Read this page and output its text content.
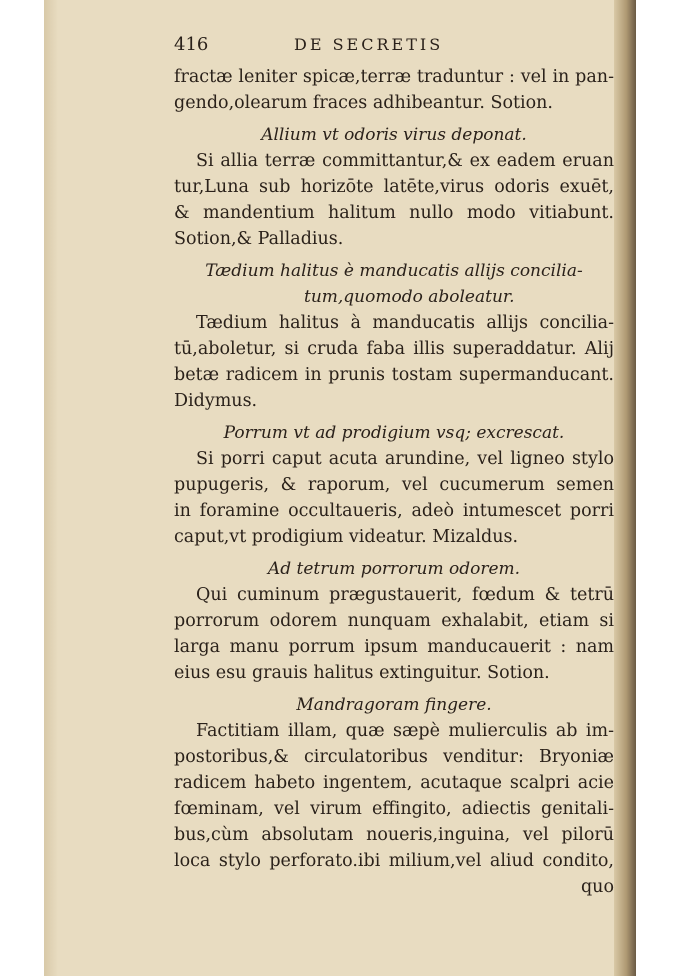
416	DE SECRETIS
fractæ leniter spicæ,terræ traduntur : vel in pan-
gendo,olearum fraces adhibeantur. Sotion.
Allium vt odoris virus deponat.
Si allia terræ committantur,& ex eadem eruan
tur,Luna sub horizōte latēte,virus odoris exuēt,
& mandentium halitum nullo modo vitiabunt.
Sotion,& Palladius.
Tædium halitus è manducatis allijs concilia-
tum,quomodo aboleatur.
Tædium halitus à manducatis allijs concilia-
tū,aboletur, si cruda faba illis superaddatur. Alij
betæ radicem in prunis tostam supermanducant.
Didymus.
Porrum vt ad prodigium vsq; excrescat.
Si porri caput acuta arundine, vel ligneo stylo
pupugeris, & raporum, vel cucumerum semen
in foramine occultaueris, adeò intumescet porri
caput,vt prodigium videatur. Mizaldus.
Ad tetrum porrorum odorem.
Qui cuminum prægustauerit, fœdum & tetrū
porrorum odorem nunquam exhalabit, etiam si
larga manu porrum ipsum manducauerit : nam
eius esu grauis halitus extinguitur. Sotion.
Mandragoram fingere.
Factitiam illam, quæ sæpè mulierculis ab im-
postoribus,& circulatoribus venditur: Bryoniæ
radicem habeto ingentem, acutaque scalpri acie
fœminam, vel virum effingito, adiectis genitali-
bus,cùm absolutam noueris,inguina, vel pilorū
loca stylo perforato.ibi milium,vel aliud condito,
quo
